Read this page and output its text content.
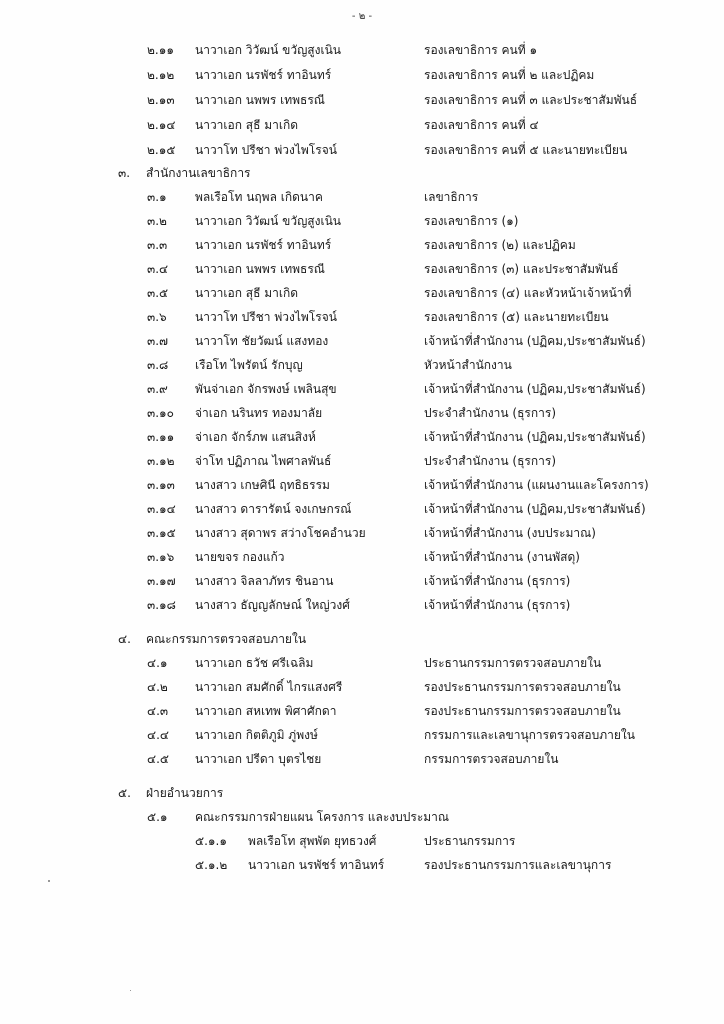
- ๒ -
๒.๑๑ นาวาเอก วิวัฒน์ ขวัญสูงเนิน	รองเลขาธิการ คนที่ ๑
๒.๑๒ นาวาเอก นรพัชร์ ทาอินทร์	รองเลขาธิการ คนที่ ๒ และปฏิคม
๒.๑๓ นาวาเอก นพพร เทพธรณี	รองเลขาธิการ คนที่ ๓ และประชาสัมพันธ์
๒.๑๔ นาวาเอก สุธี มาเกิด	รองเลขาธิการ คนที่ ๔
๒.๑๕ นาวาโท ปรีชา พ่วงไพโรจน์	รองเลขาธิการ คนที่ ๕ และนายทะเบียน
๓. สำนักงานเลขาธิการ
๓.๑ พลเรือโท นฤพล เกิดนาค	เลขาธิการ
๓.๒ นาวาเอก วิวัฒน์ ขวัญสูงเนิน	รองเลขาธิการ (๑)
๓.๓ นาวาเอก นรพัชร์ ทาอินทร์	รองเลขาธิการ (๒) และปฏิคม
๓.๔ นาวาเอก นพพร เทพธรณี	รองเลขาธิการ (๓) และประชาสัมพันธ์
๓.๕ นาวาเอก สุธี มาเกิด	รองเลขาธิการ (๔) และหัวหน้าเจ้าหน้าที่
๓.๖ นาวาโท ปรีชา พ่วงไพโรจน์	รองเลขาธิการ (๕) และนายทะเบียน
๓.๗ นาวาโท ชัยวัฒน์ แสงทอง	เจ้าหน้าที่สำนักงาน (ปฏิคม,ประชาสัมพันธ์)
๓.๘ เรือโท ไพรัตน์ รักบุญ	หัวหน้าสำนักงาน
๓.๙ พันจ่าเอก จักรพงษ์ เพลินสุข	เจ้าหน้าที่สำนักงาน (ปฏิคม,ประชาสัมพันธ์)
๓.๑๐ จ่าเอก นรินทร ทองมาลัย	ประจำสำนักงาน (ธุรการ)
๓.๑๑ จ่าเอก จักร์ภพ แสนสิงห์	เจ้าหน้าที่สำนักงาน (ปฏิคม,ประชาสัมพันธ์)
๓.๑๒ จ่าโท ปฏิภาณ ไพศาลพันธ์	ประจำสำนักงาน (ธุรการ)
๓.๑๓ นางสาว เกษศินี ฤทธิธรรม	เจ้าหน้าที่สำนักงาน (แผนงานและโครงการ)
๓.๑๔ นางสาว ดารารัตน์ จงเกษกรณ์	เจ้าหน้าที่สำนักงาน (ปฏิคม,ประชาสัมพันธ์)
๓.๑๕ นางสาว สุดาพร สว่างโชคอำนวย	เจ้าหน้าที่สำนักงาน (งบประมาณ)
๓.๑๖ นายขจร กองแก้ว	เจ้าหน้าที่สำนักงาน (งานพัสดุ)
๓.๑๗ นางสาว จิลลาภัทร ชินอาน	เจ้าหน้าที่สำนักงาน (ธุรการ)
๓.๑๘ นางสาว ธัญญลักษณ์ ใหญ่วงศ์	เจ้าหน้าที่สำนักงาน (ธุรการ)
๔. คณะกรรมการตรวจสอบภายใน
๔.๑ นาวาเอก ธวัช ศรีเฉลิม	ประธานกรรมการตรวจสอบภายใน
๔.๒ นาวาเอก สมศักดิ์ ไกรแสงศรี	รองประธานกรรมการตรวจสอบภายใน
๔.๓ นาวาเอก สหเทพ พิศาศักดา	รองประธานกรรมการตรวจสอบภายใน
๔.๔ นาวาเอก กิตติภูมิ ภู่พงษ์	กรรมการและเลขานุการตรวจสอบภายใน
๔.๕ นาวาเอก ปรีดา บุตรไชย	กรรมการตรวจสอบภายใน
๕. ฝ่ายอำนวยการ
๕.๑ คณะกรรมการฝ่ายแผน โครงการ และงบประมาณ
๕.๑.๑ พลเรือโท สุพพัต ยุทธวงศ์	ประธานกรรมการ
๕.๑.๒ นาวาเอก นรพัชร์ ทาอินทร์	รองประธานกรรมการและเลขานุการ
